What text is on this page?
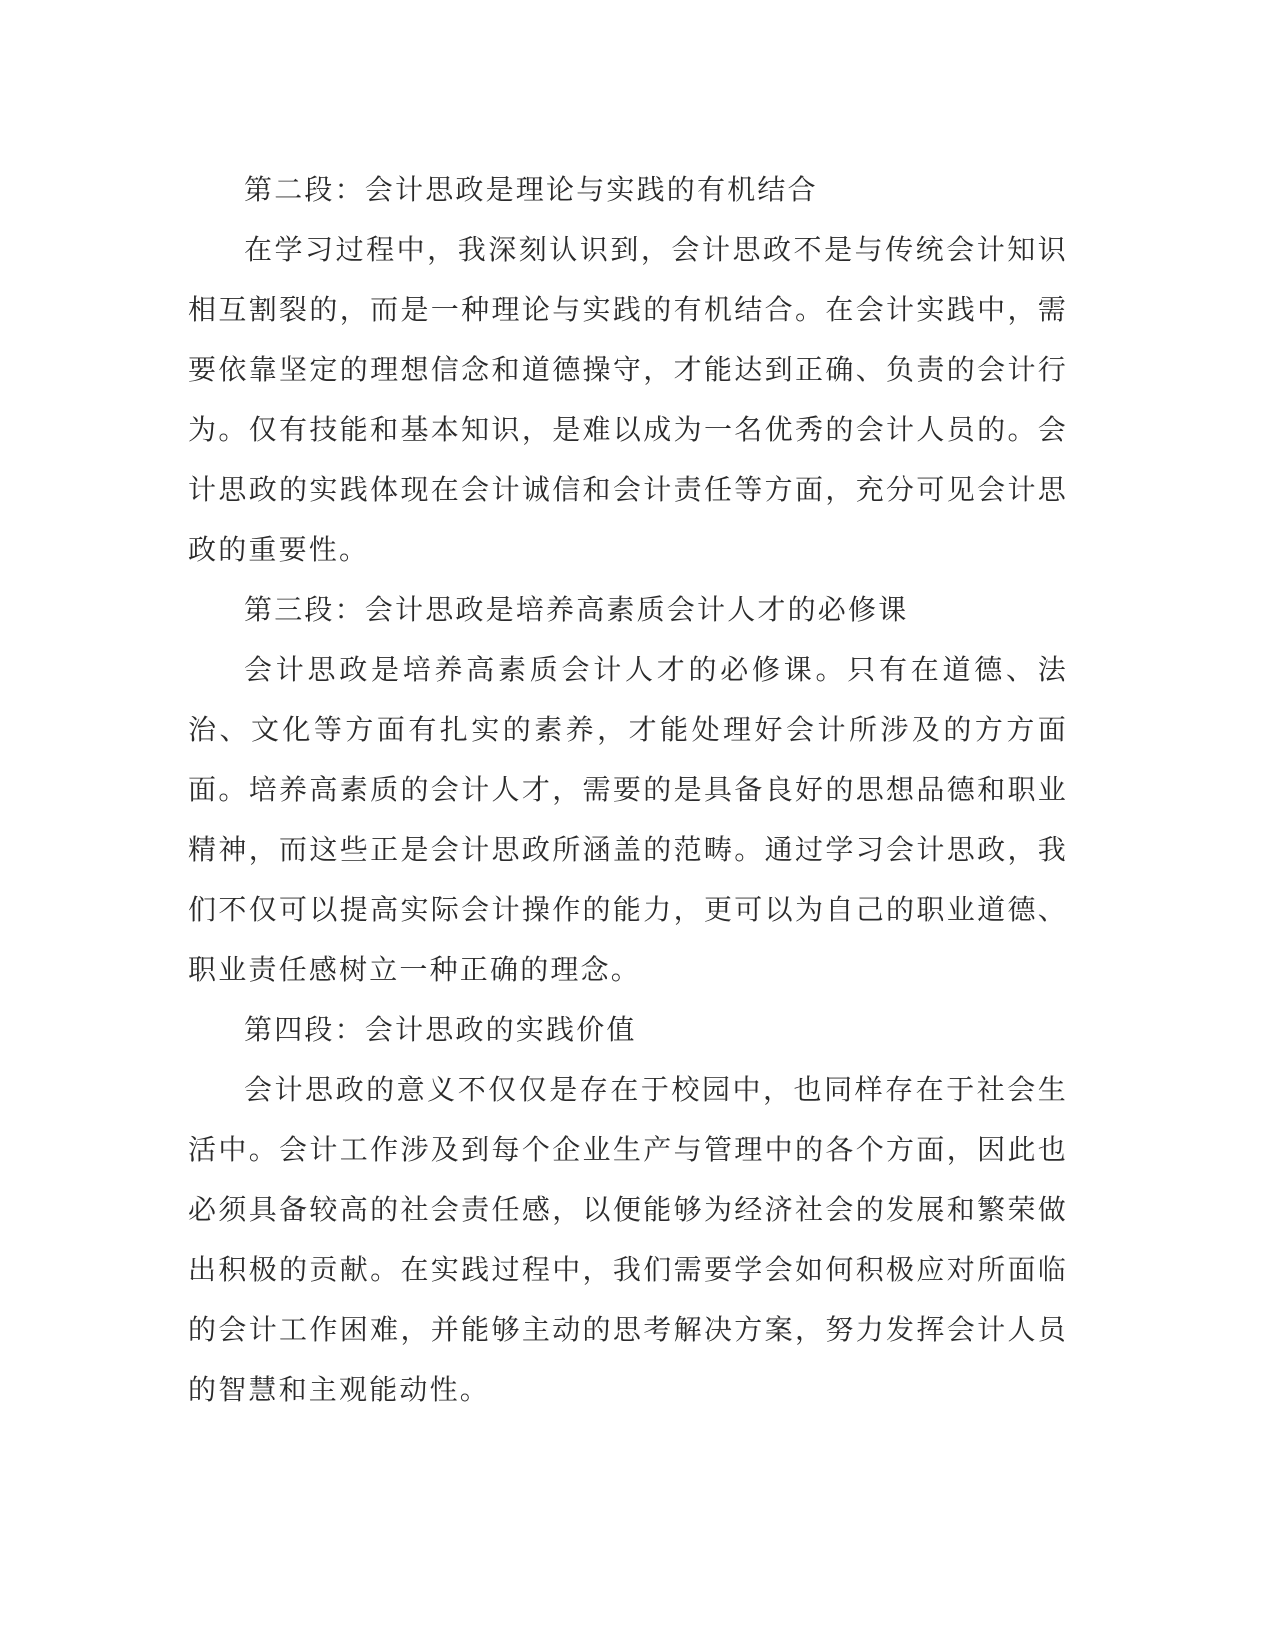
第二段：会计思政是理论与实践的有机结合

在学习过程中，我深刻认识到，会计思政不是与传统会计知识相互割裂的，而是一种理论与实践的有机结合。在会计实践中，需要依靠坚定的理想信念和道德操守，才能达到正确、负责的会计行为。仅有技能和基本知识，是难以成为一名优秀的会计人员的。会计思政的实践体现在会计诚信和会计责任等方面，充分可见会计思政的重要性。

第三段：会计思政是培养高素质会计人才的必修课

会计思政是培养高素质会计人才的必修课。只有在道德、法治、文化等方面有扎实的素养，才能处理好会计所涉及的方方面面。培养高素质的会计人才，需要的是具备良好的思想品德和职业精神，而这些正是会计思政所涵盖的范畴。通过学习会计思政，我们不仅可以提高实际会计操作的能力，更可以为自己的职业道德、职业责任感树立一种正确的理念。

第四段：会计思政的实践价值

会计思政的意义不仅仅是存在于校园中，也同样存在于社会生活中。会计工作涉及到每个企业生产与管理中的各个方面，因此也必须具备较高的社会责任感，以便能够为经济社会的发展和繁荣做出积极的贡献。在实践过程中，我们需要学会如何积极应对所面临的会计工作困难，并能够主动的思考解决方案，努力发挥会计人员的智慧和主观能动性。
